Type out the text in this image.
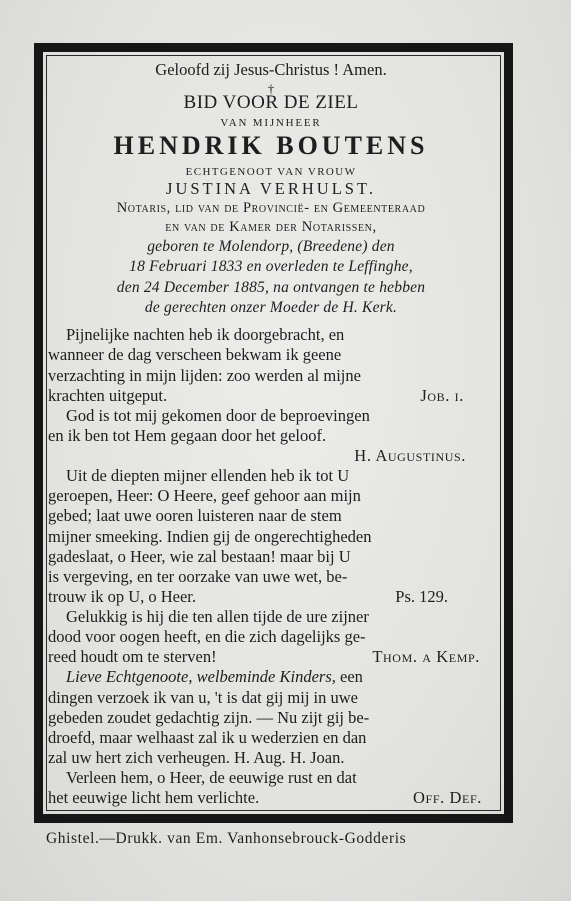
Geloofd zij Jesus-Christus ! Amen.

†

BID VOOR DE ZIEL

VAN MIJNHEER

HENDRIK BOUTENS

ECHTGENOOT VAN VROUW

JUSTINA VERHULST.

Notaris, lid van de Provincië- en Gemeenteraad

en van de Kamer der Notarissen,

geboren te Molendorp, (Breedene) den

18 Februari 1833 en overleden te Leffinghe,

den 24 December 1885, na ontvangen te hebben

de gerechten onzer Moeder de H. Kerk.

Pijnelijke nachten heb ik doorgebracht, en
wanneer de dag verscheen bekwam ik geene
verzachting in mijn lijden: zoo werden al mijne
krachten uitgeput.	Job. i.
God is tot mij gekomen door de beproevingen
en ik ben tot Hem gegaan door het geloof.
H. Augustinus.
Uit de diepten mijner ellenden heb ik tot U
geroepen, Heer: O Heere, geef gehoor aan mijn
gebed; laat uwe ooren luisteren naar de stem
mijner smeeking. Indien gij de ongerechtigheden
gadeslaat, o Heer, wie zal bestaan! maar bij U
is vergeving, en ter oorzake van uwe wet, be-
trouw ik op U, o Heer.	Ps. 129.
Gelukkig is hij die ten allen tijde de ure zijner
dood voor oogen heeft, en die zich dagelijks ge-
reed houdt om te sterven!	Thom. a Kemp.
Lieve Echtgenoote, welbeminde Kinders, een
dingen verzoek ik van u, 't is dat gij mij in uwe
gebeden zoudet gedachtig zijn. — Nu zijt gij be-
droefd, maar welhaast zal ik u wederzien en dan
zal uw hert zich verheugen. H. Aug. H. Joan.
Verleen hem, o Heer, de eeuwige rust en dat
het eeuwige licht hem verlichte.	Off. Def.
Ghistel.—Drukk. van Em. Vanhonsebrouck-Godderis
